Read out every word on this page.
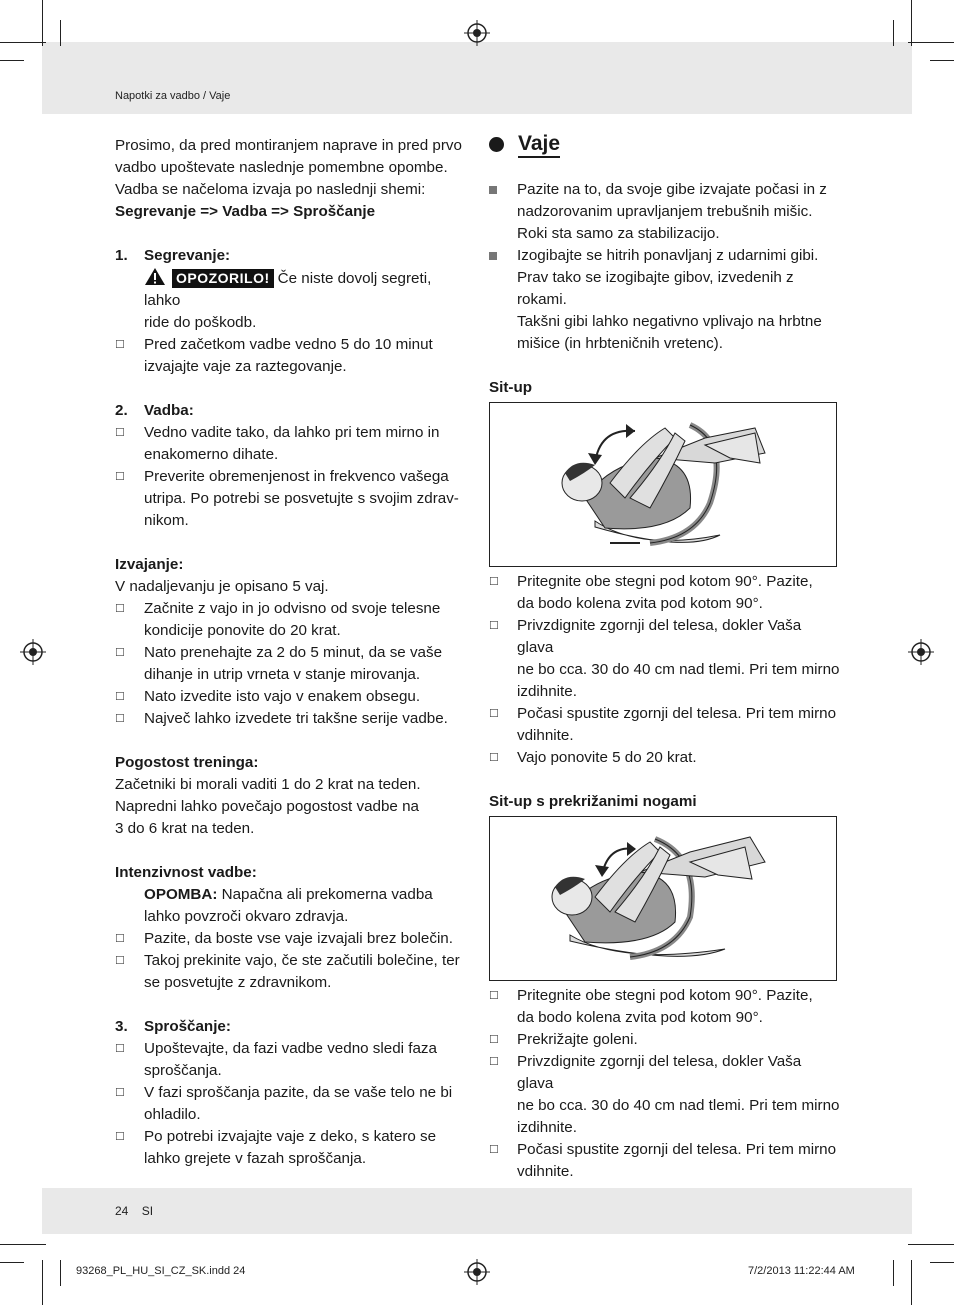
Napotki za vadbo / Vaje
24 SI
93268_PL_HU_SI_CZ_SK.indd 24	7/2/2013 11:22:44 AM

Prosimo, da pred montiranjem naprave in pred prvo

vadbo upoštevate naslednje pomembne opombe.

Vadba se načeloma izvaja po naslednji shemi:

Segrevanje => Vadba => Sproščanje

1.	Segrevanje:
OPOZORILO! Če niste dovolj segreti, lahko
ride do poškodb.
☐	Pred začetkom vadbe vedno 5 do 10 minut
izvajajte vaje za raztegovanje.
2.	Vadba:
☐	Vedno vadite tako, da lahko pri tem mirno in
enakomerno dihate.
☐	Preverite obremenjenost in frekvenco vašega
utripa. Po potrebi se posvetujte s svojim zdrav-
nikom.

Izvajanje:

V nadaljevanju je opisano 5 vaj.

☐	Začnite z vajo in jo odvisno od svoje telesne
kondicije ponovite do 20 krat.
☐	Nato prenehajte za 2 do 5 minut, da se vaše
dihanje in utrip vrneta v stanje mirovanja.
☐	Nato izvedite isto vajo v enakem obsegu.
☐	Največ lahko izvedete tri takšne serije vadbe.

Pogostost treninga:

Začetniki bi morali vaditi 1 do 2 krat na teden.

Napredni lahko povečajo pogostost vadbe na

3 do 6 krat na teden.

Intenzivnost vadbe:

OPOMBA: Napačna ali prekomerna vadba
lahko povzroči okvaro zdravja.
☐	Pazite, da boste vse vaje izvajali brez bolečin.
☐	Takoj prekinite vajo, če ste začutili bolečine, ter
se posvetujte z zdravnikom.
3.	Sproščanje:
☐	Upoštevajte, da fazi vadbe vedno sledi faza
sproščanja.
☐	V fazi sproščanja pazite, da se vaše telo ne bi
ohladilo.
☐	Po potrebi izvajajte vaje z deko, s katero se
lahko grejete v fazah sproščanja.
Vaje
Pazite na to, da svoje gibe izvajate počasi in z
nadzorovanim upravljanjem trebušnih mišic.
Roki sta samo za stabilizacijo.
Izogibajte se hitrih ponavljanj z udarnimi gibi.
Prav tako se izogibajte gibov, izvedenih z rokami.
Takšni gibi lahko negativno vplivajo na hrbtne
mišice (in hrbteničnih vretenc).

Sit-up

☐	Pritegnite obe stegni pod kotom 90°. Pazite,
da bodo kolena zvita pod kotom 90°.
☐	Privzdignite zgornji del telesa, dokler Vaša glava
ne bo cca. 30 do 40 cm nad tlemi. Pri tem mirno
izdihnite.
☐	Počasi spustite zgornji del telesa. Pri tem mirno
vdihnite.
☐	Vajo ponovite 5 do 20 krat.

Sit-up s prekrižanimi nogami

☐	Pritegnite obe stegni pod kotom 90°. Pazite,
da bodo kolena zvita pod kotom 90°.
☐	Prekrižajte goleni.
☐	Privzdignite zgornji del telesa, dokler Vaša glava
ne bo cca. 30 do 40 cm nad tlemi. Pri tem mirno
izdihnite.
☐	Počasi spustite zgornji del telesa. Pri tem mirno
vdihnite.
